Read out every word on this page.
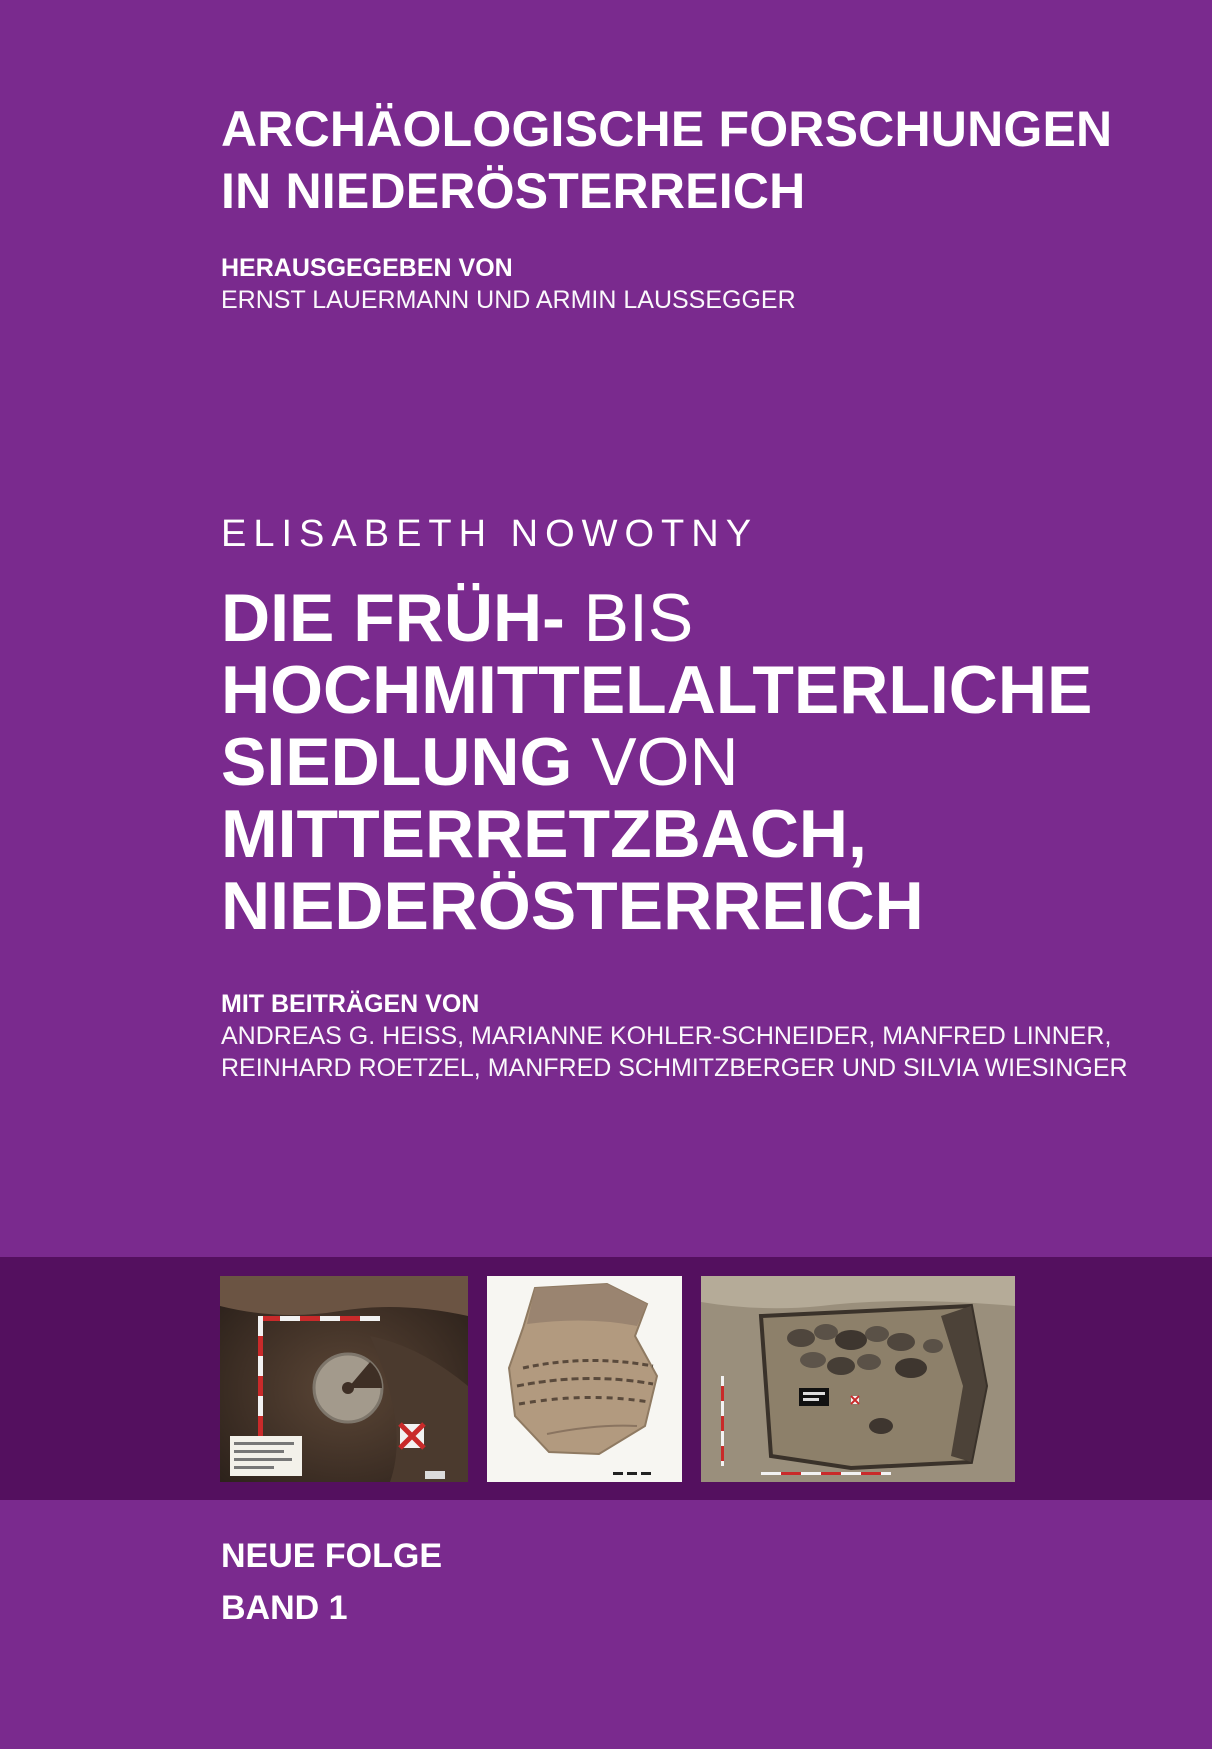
ARCHÄOLOGISCHE FORSCHUNGEN
IN NIEDERÖSTERREICH

HERAUSGEGEBEN VON

ERNST LAUERMANN UND ARMIN LAUSSEGGER

ELISABETH NOWOTNY

DIE FRÜH- BIS
HOCHMITTELALTERLICHE
SIEDLUNG VON
MITTERRETZBACH,
NIEDERÖSTERREICH

MIT BEITRÄGEN VON

ANDREAS G. HEISS, MARIANNE KOHLER-SCHNEIDER, MANFRED LINNER,

REINHARD ROETZEL, MANFRED SCHMITZBERGER UND SILVIA WIESINGER

NEUE FOLGE

BAND 1
